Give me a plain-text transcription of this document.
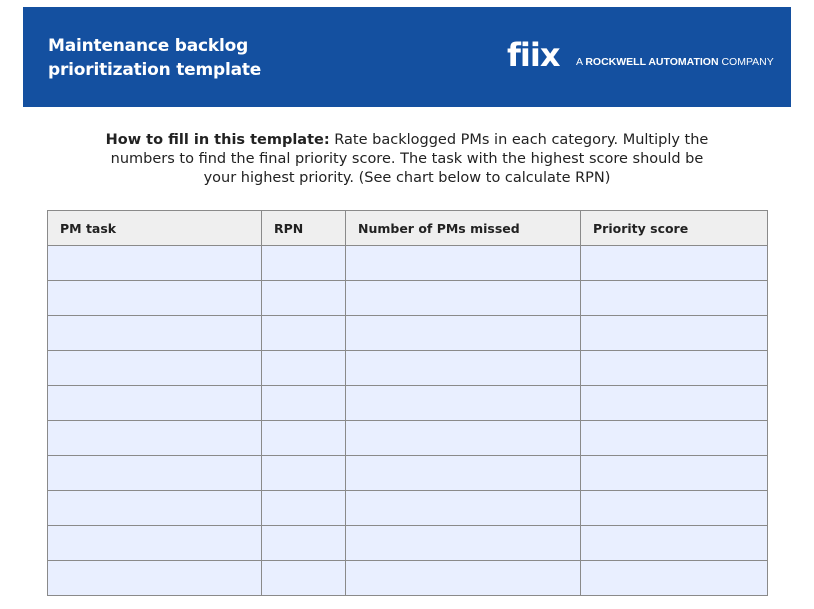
Maintenance backlog
prioritization template	fiix A ROCKWELL AUTOMATION COMPANY
How to fill in this template: Rate backlogged PMs in each category. Multiply the numbers to find the final priority score. The task with the highest score should be your highest priority. (See chart below to calculate RPN)
PM task	RPN	Number of PMs missed	Priority score
